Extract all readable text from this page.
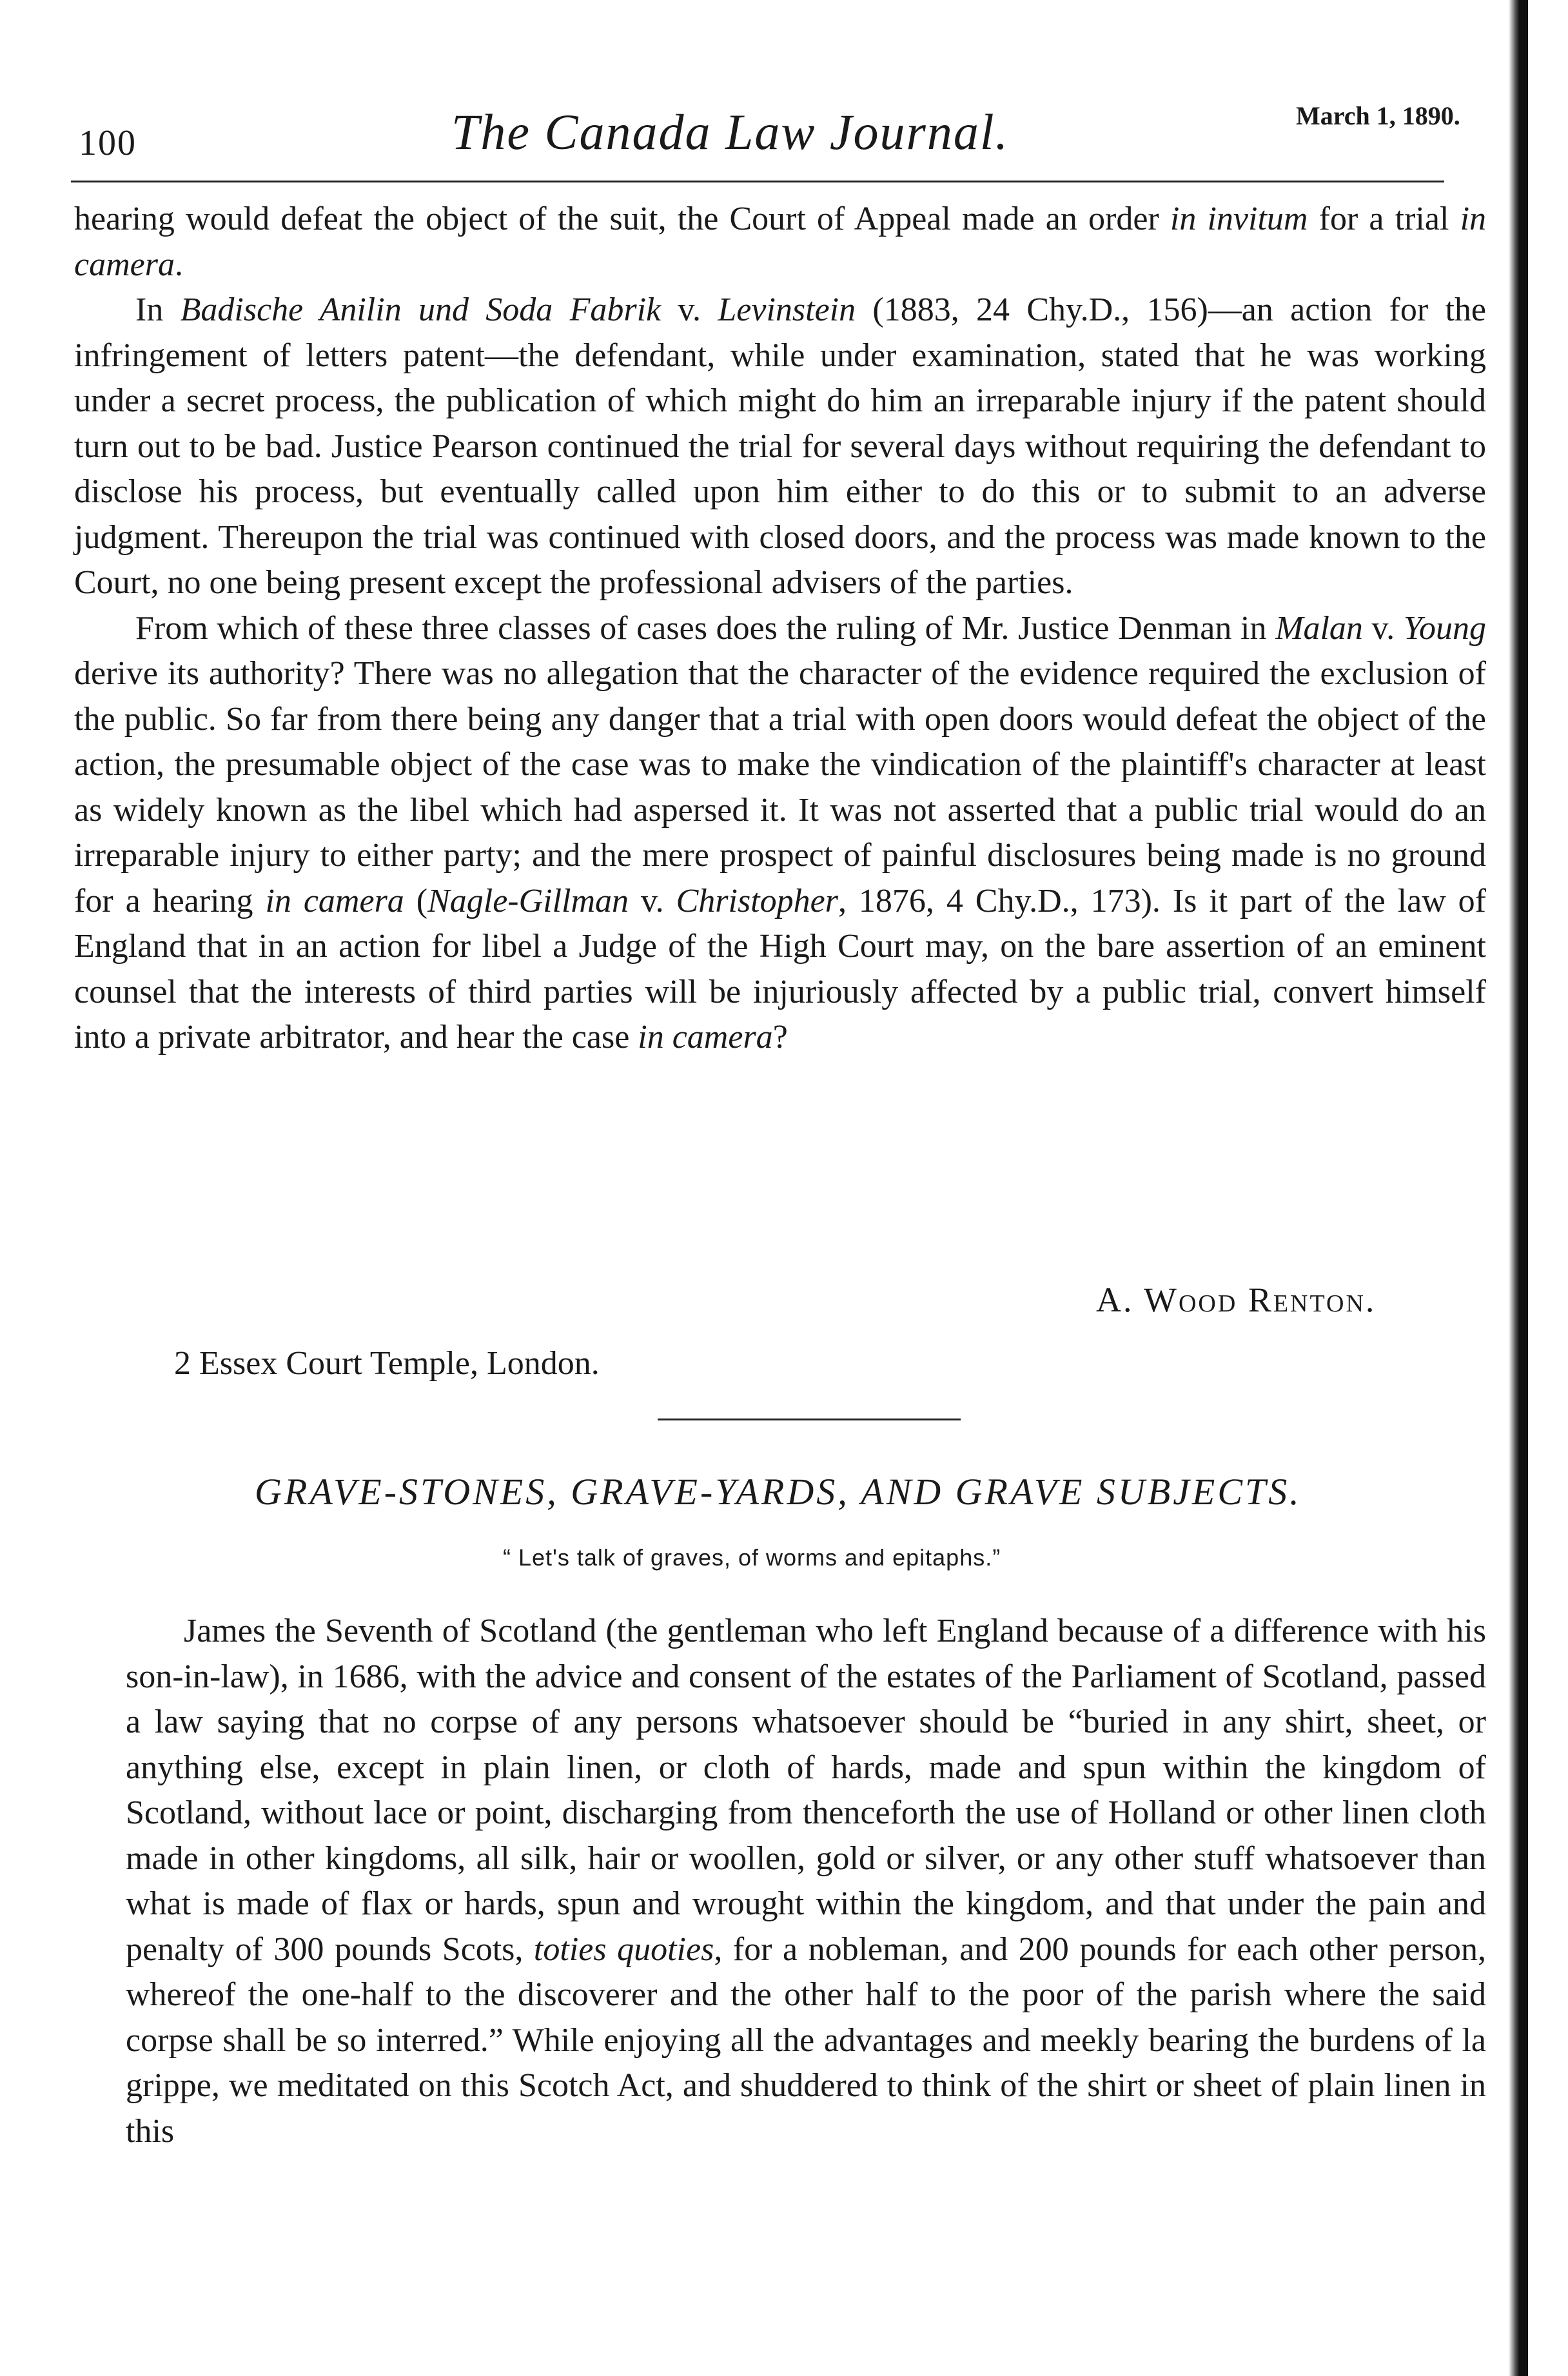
100	The Canada Law Journal.	March 1, 1890.

hearing would defeat the object of the suit, the Court of Appeal made an order in invitum for a trial in camera.

In Badische Anilin und Soda Fabrik v. Levinstein (1883, 24 Chy.D., 156)—an action for the infringement of letters patent—the defendant, while under examination, stated that he was working under a secret process, the publication of which might do him an irreparable injury if the patent should turn out to be bad. Justice Pearson continued the trial for several days without requiring the defendant to disclose his process, but eventually called upon him either to do this or to submit to an adverse judgment. Thereupon the trial was continued with closed doors, and the process was made known to the Court, no one being present except the professional advisers of the parties.

From which of these three classes of cases does the ruling of Mr. Justice Denman in Malan v. Young derive its authority? There was no allegation that the character of the evidence required the exclusion of the public. So far from there being any danger that a trial with open doors would defeat the object of the action, the presumable object of the case was to make the vindication of the plaintiff's character at least as widely known as the libel which had aspersed it. It was not asserted that a public trial would do an irreparable injury to either party; and the mere prospect of painful disclosures being made is no ground for a hearing in camera (Nagle-Gillman v. Christopher, 1876, 4 Chy.D., 173). Is it part of the law of England that in an action for libel a Judge of the High Court may, on the bare assertion of an eminent counsel that the interests of third parties will be injuriously affected by a public trial, convert himself into a private arbitrator, and hear the case in camera?

A. Wood Renton.
2 Essex Court Temple, London.
GRAVE-STONES, GRAVE-YARDS, AND GRAVE SUBJECTS.
“ Let's talk of graves, of worms and epitaphs.”

James the Seventh of Scotland (the gentleman who left England because of a difference with his son-in-law), in 1686, with the advice and consent of the estates of the Parliament of Scotland, passed a law saying that no corpse of any persons whatsoever should be “buried in any shirt, sheet, or anything else, except in plain linen, or cloth of hards, made and spun within the kingdom of Scotland, without lace or point, discharging from thenceforth the use of Holland or other linen cloth made in other kingdoms, all silk, hair or woollen, gold or silver, or any other stuff whatsoever than what is made of flax or hards, spun and wrought within the kingdom, and that under the pain and penalty of 300 pounds Scots, toties quoties, for a nobleman, and 200 pounds for each other person, whereof the one-half to the discoverer and the other half to the poor of the parish where the said corpse shall be so interred.” While enjoying all the advantages and meekly bearing the burdens of la grippe, we meditated on this Scotch Act, and shuddered to think of the shirt or sheet of plain linen in this
